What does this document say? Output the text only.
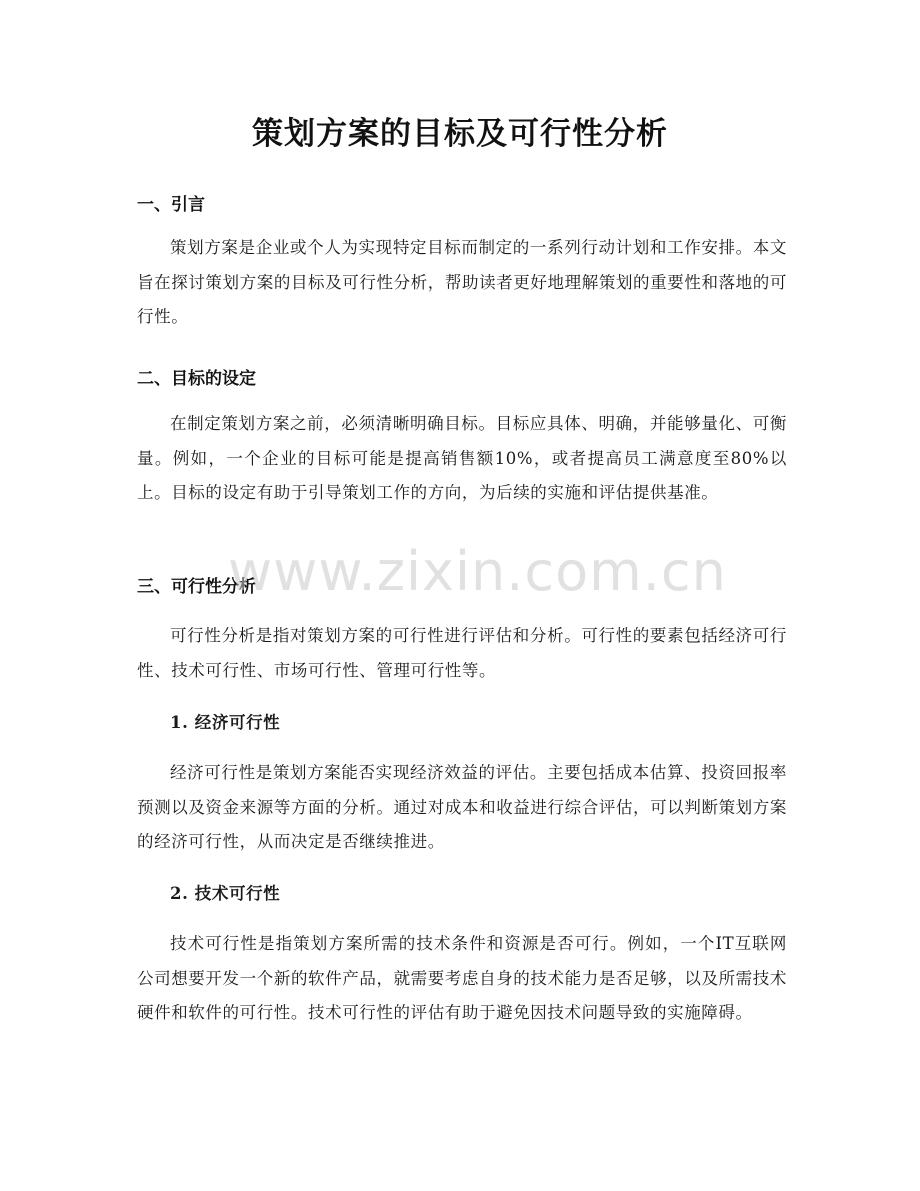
策划方案的目标及可行性分析
一、引言

策划方案是企业或个人为实现特定目标而制定的一系列行动计划和工作安排。本文旨在探讨策划方案的目标及可行性分析，帮助读者更好地理解策划的重要性和落地的可行性。

二、目标的设定

在制定策划方案之前，必须清晰明确目标。目标应具体、明确，并能够量化、可衡量。例如，一个企业的目标可能是提高销售额10%，或者提高员工满意度至80%以上。目标的设定有助于引导策划工作的方向，为后续的实施和评估提供基准。

三、可行性分析

可行性分析是指对策划方案的可行性进行评估和分析。可行性的要素包括经济可行性、技术可行性、市场可行性、管理可行性等。

1. 经济可行性

经济可行性是策划方案能否实现经济效益的评估。主要包括成本估算、投资回报率预测以及资金来源等方面的分析。通过对成本和收益进行综合评估，可以判断策划方案的经济可行性，从而决定是否继续推进。

2. 技术可行性

技术可行性是指策划方案所需的技术条件和资源是否可行。例如，一个IT互联网公司想要开发一个新的软件产品，就需要考虑自身的技术能力是否足够，以及所需技术硬件和软件的可行性。技术可行性的评估有助于避免因技术问题导致的实施障碍。

www.zixin.com.cn
